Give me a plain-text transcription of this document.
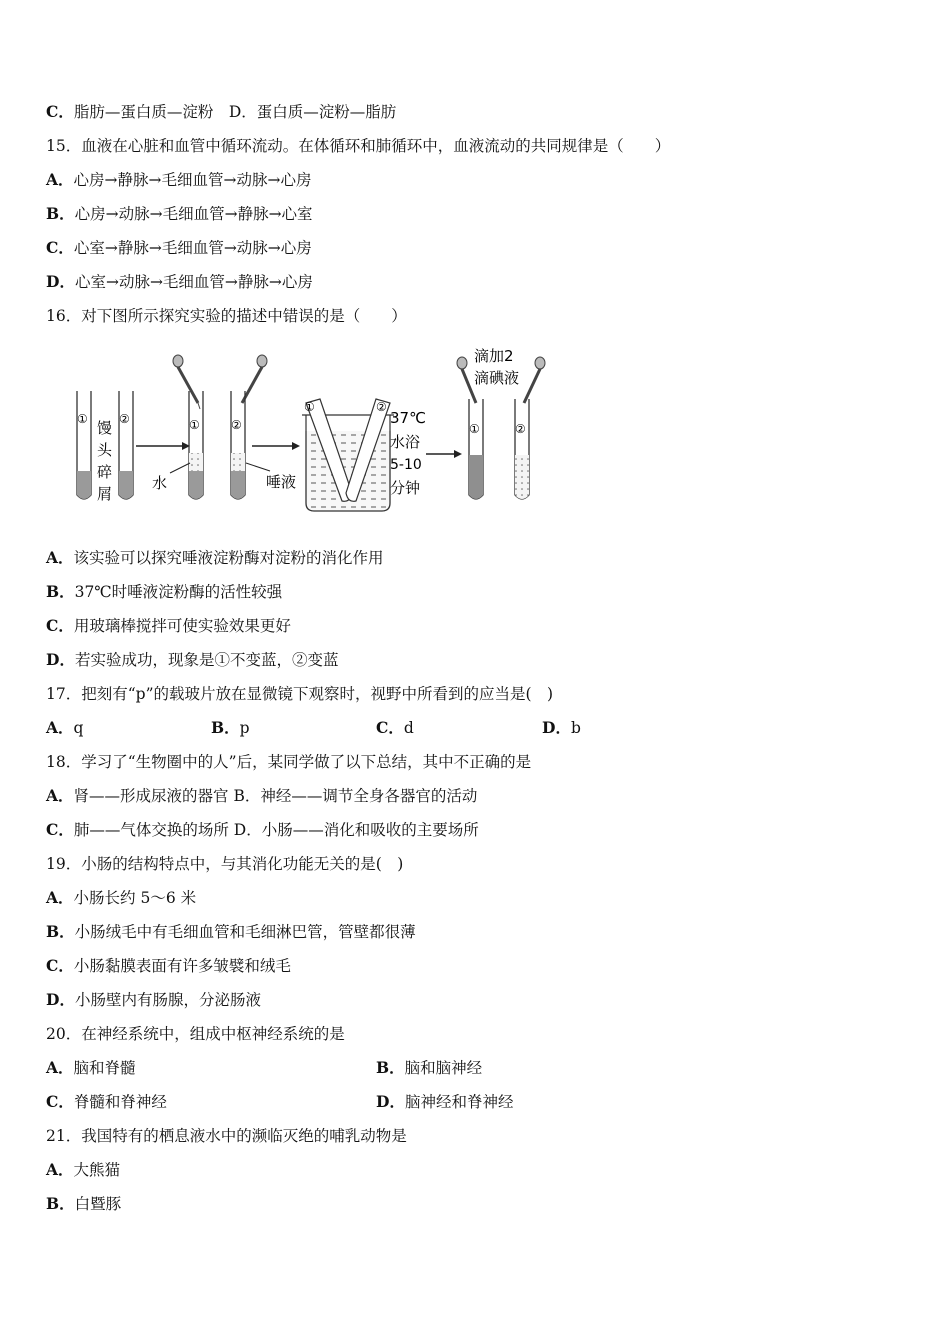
C．脂肪—蛋白质—淀粉　D．蛋白质—淀粉—脂肪
15．血液在心脏和血管中循环流动。在体循环和肺循环中，血液流动的共同规律是（　　）
A．心房→静脉→毛细血管→动脉→心房
B．心房→动脉→毛细血管→静脉→心室
C．心室→静脉→毛细血管→动脉→心房
D．心室→动脉→毛细血管→静脉→心房
16．对下图所示探究实验的描述中错误的是（　　）
①	②
馒
头
碎
屑
①	②
水	唾液
①	②
37℃
水浴
5-10
分钟
滴加2
滴碘液
①	②
A．该实验可以探究唾液淀粉酶对淀粉的消化作用
B．37℃时唾液淀粉酶的活性较强
C．用玻璃棒搅拌可使实验效果更好
D．若实验成功，现象是①不变蓝，②变蓝
17．把刻有“p”的载玻片放在显微镜下观察时，视野中所看到的应当是(　)
A．q	B．p	C．d	D．b
18．学习了“生物圈中的人”后，某同学做了以下总结，其中不正确的是
A．肾——形成尿液的器官 B．神经——调节全身各器官的活动
C．肺——气体交换的场所 D．小肠——消化和吸收的主要场所
19．小肠的结构特点中，与其消化功能无关的是(　)
A．小肠长约 5～6 米
B．小肠绒毛中有毛细血管和毛细淋巴管，管壁都很薄
C．小肠黏膜表面有许多皱襞和绒毛
D．小肠壁内有肠腺，分泌肠液
20．在神经系统中，组成中枢神经系统的是
A．脑和脊髓	B．脑和脑神经
C．脊髓和脊神经	D．脑神经和脊神经
21．我国特有的栖息液水中的濒临灭绝的哺乳动物是
A．大熊猫
B．白暨豚
